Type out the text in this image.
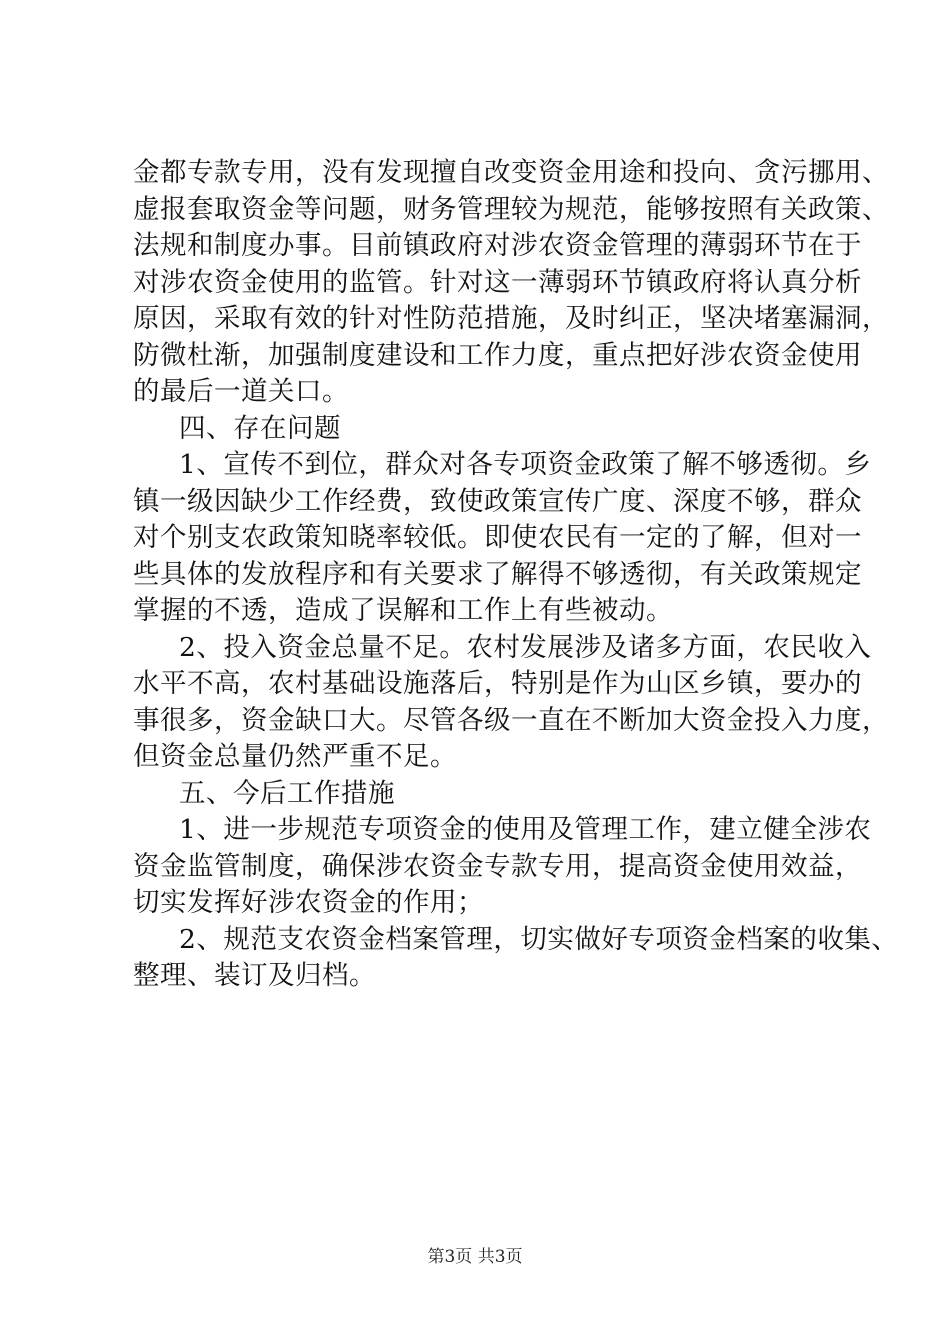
金都专款专用，没有发现擅自改变资金用途和投向、贪污挪用、
虚报套取资金等问题，财务管理较为规范，能够按照有关政策、
法规和制度办事。目前镇政府对涉农资金管理的薄弱环节在于
对涉农资金使用的监管。针对这一薄弱环节镇政府将认真分析
原因，采取有效的针对性防范措施，及时纠正，坚决堵塞漏洞，
防微杜渐，加强制度建设和工作力度，重点把好涉农资金使用
的最后一道关口。
四、存在问题
1、宣传不到位，群众对各专项资金政策了解不够透彻。乡
镇一级因缺少工作经费，致使政策宣传广度、深度不够，群众
对个别支农政策知晓率较低。即使农民有一定的了解，但对一
些具体的发放程序和有关要求了解得不够透彻，有关政策规定
掌握的不透，造成了误解和工作上有些被动。
2、投入资金总量不足。农村发展涉及诸多方面，农民收入
水平不高，农村基础设施落后，特别是作为山区乡镇，要办的
事很多，资金缺口大。尽管各级一直在不断加大资金投入力度，
但资金总量仍然严重不足。
五、今后工作措施
1、进一步规范专项资金的使用及管理工作，建立健全涉农
资金监管制度，确保涉农资金专款专用，提高资金使用效益，
切实发挥好涉农资金的作用；
2、规范支农资金档案管理，切实做好专项资金档案的收集、
整理、装订及归档。
第3页 共3页
